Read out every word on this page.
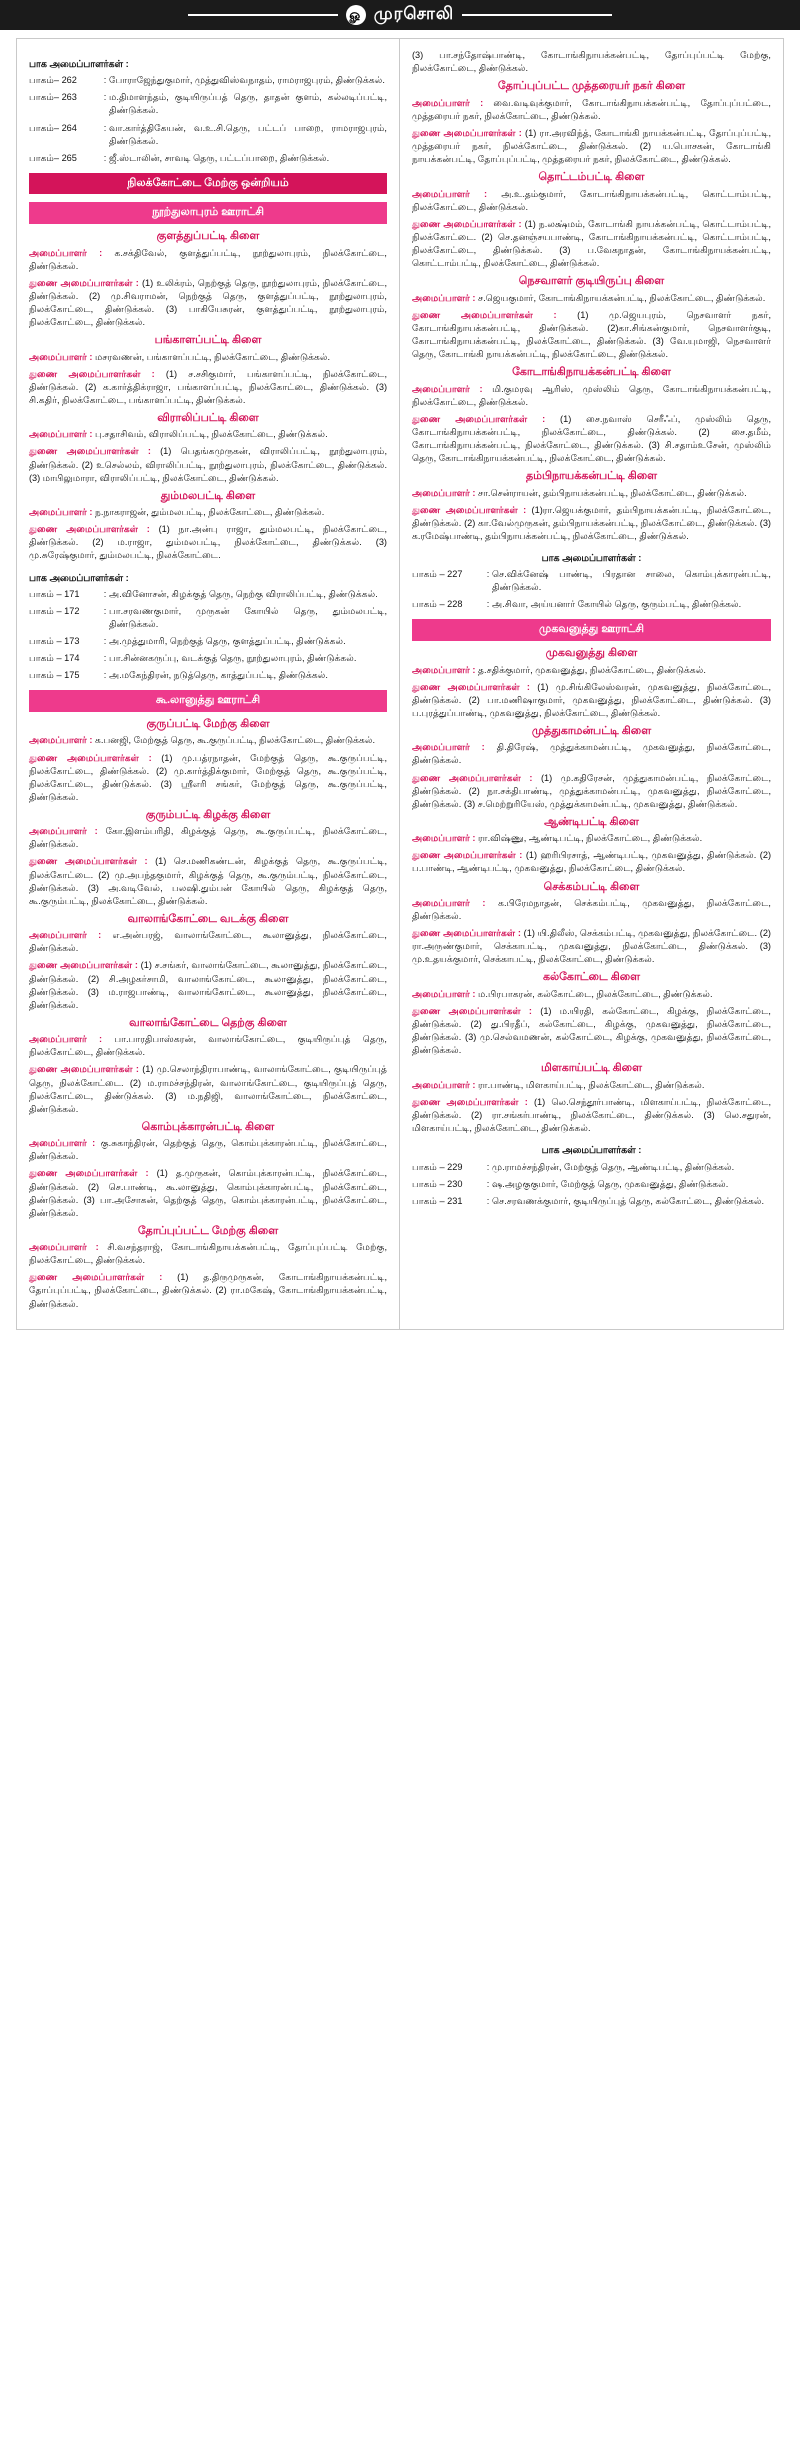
ௐ முரசொலி
பாக அமைப்பாளர்கள் :
பாகம்– 262	: போராஜேந்துகுமார், முத்துவிஸ்வநாதம், ராமராஜபுரம், திண்டுக்கல்.
பாகம்– 263	: ம.திமாளந்தம், குடியிருப்பத் தெரு, தாதன் குளம், கல்லடிப்பட்டி, திண்டுக்கல்.
பாகம்– 264	: வா.கார்த்திகேயன், வ.உ.சி.தெரு, பட்டப் பாறை, ராமராஜபுரம், திண்டுக்கல்.
பாகம்– 265	: ஜீ.ஸ்டாலின், சாவடி தெரு, பட்டப்பாறை, திண்டுக்கல்.
நிலக்கோட்டை மேற்கு ஒன்றியம்
நூற்துலாபுரம் ஊராட்சி
குளத்துப்பட்டி கிளை
அமைப்பாளர் : க.சக்திவேல், குளத்துப்பட்டி, நூற்துலாபுரம், நிலக்கோட்டை, திண்டுக்கல்.
துணை அமைப்பாளர்கள் : (1) உலிக்ரம், நெற்குத் தெரு, நூற்துலாபுரம், நிலக்கோட்டை, திண்டுக்கல். (2) மு.சிவராமன், நெற்குத் தெரு, குளத்துப்பட்டி, நூற்துலாபுரம், நிலக்கோட்டை, திண்டுக்கல். (3) பாகியேசுரன், குளத்துப்பட்டி, நூற்துலாபுரம், நிலக்கோட்டை, திண்டுக்கல்.
பங்காளப்பட்டி கிளை
அமைப்பாளர் : மசரவணன், பங்காளப்பட்டி, நிலக்கோட்டை, திண்டுக்கல்.
துணை அமைப்பாளர்கள் : (1) ச.சசிகுமார், பங்காளப்பட்டி, நிலக்கோட்டை, திண்டுக்கல். (2) க.கார்த்திக்ராஜா, பங்காளப்பட்டி, நிலக்கோட்டை, திண்டுக்கல். (3) சி.கதிர், நிலக்கோட்டை, பங்காளப்பட்டி, திண்டுக்கல்.
விராலிப்பட்டி கிளை
அமைப்பாளர் : பு.சதாசிவம், விராலிப்பட்டி, நிலக்கோட்டை, திண்டுக்கல்.
துணை அமைப்பாளர்கள் : (1) பெதங்கமுருகன், விராலிப்பட்டி, நூற்துலாபுரம், திண்டுக்கல். (2) உசெல்லம், விராலிப்பட்டி, நூற்துலாபுரம், நிலக்கோட்டை, திண்டுக்கல். (3) மாபிலுமாரா, விராலிப்பட்டி, நிலக்கோட்டை, திண்டுக்கல்.
தும்மலபட்டி கிளை
அமைப்பாளர் : ந.நாகராஜன், தும்மலபட்டி, நிலக்கோட்டை, திண்டுக்கல்.
துணை அமைப்பாளர்கள் : (1) நா.அன்பு ராஜா, தும்மலபட்டி, நிலக்கோட்டை, திண்டுக்கல். (2) ம.ராஜா, தும்மலபட்டி, நிலக்கோட்டை, திண்டுக்கல். (3) மு.சுரேஷ்குமார், தும்மலபட்டி, நிலக்கோட்டை.
பாக அமைப்பாளர்கள் :
பாகம் – 171	: அ.வினோசன், கிழக்குத் தெரு, நெற்கு விராலிப்பட்டி, திண்டுக்கல்.
பாகம் – 172	: பா.சரவணகுமார், முருகன் கோயில் தெரு, தும்மலபட்டி, திண்டுக்கல்.
பாகம் – 173	: அ.முத்துமாரி, நெற்குத் தெரு, குளத்துப்பட்டி, திண்டுக்கல்.
பாகம் – 174	: பா.சின்னகருப்பு, வடக்குத் தெரு, நூற்துலாபுரம், திண்டுக்கல்.
பாகம் – 175	: அ.மகேந்திரன், நடுத்தெரு, காத்துப்பட்டி, திண்டுக்கல்.
கூ.லானுத்து ஊராட்சி
குருப்பட்டி மேற்கு கிளை
அமைப்பாளர் : க.பனஜி, மேற்குத் தெரு, கூ.குருப்பட்டி, நிலக்கோட்டை, திண்டுக்கல்.
துணை அமைப்பாளர்கள் : (1) மு.பத்ரநாதன், மேற்குத் தெரு, கூ.குருப்பட்டி, நிலக்கோட்டை, திண்டுக்கல். (2) மு.கார்த்திக்குமார், மேற்குத் தெரு, கூ.குருப்பட்டி, நிலக்கோட்டை, திண்டுக்கல். (3) ஸ்ரீஎரி சங்கர், மேற்குத் தெரு, கூ.குருப்பட்டி, திண்டுக்கல்.
குரும்பட்டி கிழக்கு கிளை
அமைப்பாளர் : கோ.இளம்பரிதி, கிழக்குத் தெரு, கூ.குருப்பட்டி, நிலக்கோட்டை, திண்டுக்கல்.
துணை அமைப்பாளர்கள் : (1) செ.மணிகண்டன், கிழக்குத் தெரு, கூ.குருப்பட்டி, நிலக்கோட்டை. (2) மு.அபந்தகுமார், கிழக்குத் தெரு, கூ.குரும்பட்டி, நிலக்கோட்டை, திண்டுக்கல். (3) அ.வடிவேல், பலஷி.தும்பன் கோயில் தெரு, கிழக்குத் தெரு, கூ.குரும்பட்டி, நிலக்கோட்டை, திண்டுக்கல்.
வாலாங்கோட்டை வடக்கு கிளை
அமைப்பாளர் : எ.அன்பரஜ், வாலாங்கோட்டை, கூலானுத்து, நிலக்கோட்டை, திண்டுக்கல்.
துணை அமைப்பாளர்கள் : (1) ச.சங்கர், வாலாங்கோட்டை, கூலானுத்து, நிலக்கோட்டை, திண்டுக்கல். (2) சி.அழகர்சாமி, வாலாங்கோட்டை, கூலானுத்து, நிலக்கோட்டை, திண்டுக்கல். (3) ம.ராஜபாண்டி, வாலாங்கோட்டை, கூலானுத்து, நிலக்கோட்டை, திண்டுக்கல்.
வாலாங்கோட்டை தெற்கு கிளை
அமைப்பாளர் : பா.பாரதிபாஸ்கரன், வாலாங்கோட்டை, குடியிருப்புத் தெரு, நிலக்கோட்டை, திண்டுக்கல்.
துணை அமைப்பாளர்கள் : (1) மு.செலாந்திராபாண்டி, வாலாங்கோட்டை, குடியிருப்புத் தெரு, நிலக்கோட்டை. (2) ம.ராமச்சந்திரன், வாலாங்கோட்டை, குடியிருப்புத் தெரு, நிலக்கோட்டை, திண்டுக்கல். (3) ம.நதிஜி, வாலாங்கோட்டை, நிலக்கோட்டை, திண்டுக்கல்.
கொம்புக்காரன்பட்டி கிளை
அமைப்பாளர் : கு.சுகாந்திரன், தெற்குத் தெரு, கொம்புக்காரன்பட்டி, நிலக்கோட்டை, திண்டுக்கல்.
துணை அமைப்பாளர்கள் : (1) த.முருகன், கொம்புக்காரன்பட்டி, நிலக்கோட்டை, திண்டுக்கல். (2) செ.பாண்டி, கூ.லானுத்து, கொம்புக்காரன்பட்டி, நிலக்கோட்டை, திண்டுக்கல். (3) பா.அசோகன், தெற்குத் தெரு, கொம்புக்காரன்பட்டி, நிலக்கோட்டை, திண்டுக்கல்.
தோப்புப்பட்ட மேற்கு கிளை
அமைப்பாளர் : சி.வசந்தராஜ், கோடாங்கிநாயக்கன்பட்டி, தோப்புப்பட்டி மேற்கு, நிலக்கோட்டை, திண்டுக்கல்.
துணை அமைப்பாளர்கள் : (1) த.திருமுருகன், கோடாங்கிநாயக்கன்பட்டி, தோப்புப்பட்டி, நிலக்கோட்டை, திண்டுக்கல். (2) ரா.மகேஷ், கோடாங்கிநாயக்கன்பட்டி, திண்டுக்கல்.
(3) பா.சந்தோஷ்பாண்டி, கோடாங்கிநாயக்கன்பட்டி, தோப்புப்பட்டி மேற்கு, நிலக்கோட்டை, திண்டுக்கல்.
தோப்புப்பட்ட முத்தரையர் நகர் கிளை
அமைப்பாளர் : வை.வடிவுக்குமார், கோடாங்கிநாயக்கன்பட்டி, தோப்புப்பட்டை, முத்தரையர் நகர், நிலக்கோட்டை, திண்டுக்கல்.
துணை அமைப்பாளர்கள் : (1) ரா.அரவிந்த், கோடாங்கி நாயக்கன்பட்டி, தோப்புப்பட்டி, முத்தரையர் நகர், நிலக்கோட்டை, திண்டுக்கல். (2) ய.பொசகன், கோடாங்கி நாயக்கன்பட்டி, தோப்புப்பட்டி, முத்தரையர் நகர், நிலக்கோட்டை, திண்டுக்கல்.
தொட்டம்பட்டி கிளை
அமைப்பாளர் : அ.உ.தம்குமார், கோடாங்கிநாயக்கன்பட்டி, கொட்டாம்பட்டி, நிலக்கோட்டை, திண்டுக்கல்.
துணை அமைப்பாளர்கள் : (1) ந.லக்ஷ்மம், கோடாங்கி நாயக்கன்பட்டி, கொட்டாம்பட்டி, நிலக்கோட்டை. (2) செ.தனஞ்சயபாண்டி, கோடாங்கிநாயக்கன்பட்டி, கொட்டாம்பட்டி, நிலக்கோட்டை, திண்டுக்கல். (3) ப.வேகநாதன், கோடாங்கிநாயக்கன்பட்டி, கொட்டாம்பட்டி, நிலக்கோட்டை, திண்டுக்கல்.
நெசவாளர் குடியிருப்பு கிளை
அமைப்பாளர் : ச.ஜெயகுமார், கோடாங்கிநாயக்கன்பட்டி, நிலக்கோட்டை, திண்டுக்கல்.
துணை அமைப்பாளர்கள் : (1) மு.ஜெயபுரம், நெசவாளர் நகர், கோடாங்கிநாயக்கன்பட்டி, திண்டுக்கல். (2)கா.சிங்கன்குமார், நெசவாளர்குடி, கோடாங்கிநாயக்கன்பட்டி, நிலக்கோட்டை, திண்டுக்கல். (3) வே.யுமாஜி, நெசவாளர் தெரு, கோடாங்கி நாயக்கன்பட்டி, நிலக்கோட்டை, திண்டுக்கல்.
கோடாங்கிநாயக்கன்பட்டி கிளை
அமைப்பாளர் : மி.குமரவு ஆரிஸ், முஸ்லிம் தெரு, கோடாங்கிநாயக்கன்பட்டி, நிலக்கோட்டை, திண்டுக்கல்.
துணை அமைப்பாளர்கள் : (1) சை.நவாஸ் செரீஃப், முஸ்லிம் தெரு, கோடாங்கிநாயக்கன்பட்டி, நிலக்கோட்டை, திண்டுக்கல். (2) சை.தமீம், கோடாங்கிநாயக்கன்பட்டி, நிலக்கோட்டை, திண்டுக்கல். (3) சி.சதாம்உசேன், முஸ்லிம் தெரு, கோடாங்கிநாயக்கன்பட்டி, நிலக்கோட்டை, திண்டுக்கல்.
தம்பிநாயக்கன்பட்டி கிளை
அமைப்பாளர் : சா.சென்ராயன், தம்பிநாயக்கன்பட்டி, நிலக்கோட்டை, திண்டுக்கல்.
துணை அமைப்பாளர்கள் : (1)ரா.ஜெயக்குமார், தம்பிநாயக்கன்பட்டி, நிலக்கோட்டை, திண்டுக்கல். (2) கா.வேல்முருகன், தம்பிநாயக்கன்பட்டி, நிலக்கோட்டை, திண்டுக்கல். (3) க.ரமேஷ்பாண்டி, தம்பிநாயக்கன்பட்டி, நிலக்கோட்டை, திண்டுக்கல்.
பாக அமைப்பாளர்கள் :
பாகம் – 227	: செ.விக்னேஷ் பாண்டி, பிரதான சாலை, கொம்புக்காரன்பட்டி, திண்டுக்கல்.
பாகம் – 228	: அ.சிவா, அய்யனார் கோயில் தெரு, குரும்பட்டி, திண்டுக்கல்.
முகவனுத்து ஊராட்சி
முகவனுத்து கிளை
அமைப்பாளர் : த.சதிக்குமார், முகவனுத்து, நிலக்கோட்டை, திண்டுக்கல்.
துணை அமைப்பாளர்கள் : (1) மு.சிங்கிலேஸ்வரன், முகவனுத்து, நிலக்கோட்டை, திண்டுக்கல். (2) பா.மணிஷாகுமார், முகவனுத்து, நிலக்கோட்டை, திண்டுக்கல். (3) ப.புரத்துப்பாண்டி, முகவனுத்து, நிலக்கோட்டை, திண்டுக்கல்.
முத்துகாமன்பட்டி கிளை
அமைப்பாளர் : தி.திரேஷ், முத்துக்காமன்பட்டி, முகவனுத்து, நிலக்கோட்டை, திண்டுக்கல்.
துணை அமைப்பாளர்கள் : (1) மு.கதிரேசன், முத்துகாமன்பட்டி, நிலக்கோட்டை, திண்டுக்கல். (2) நா.சக்திபாண்டி, முத்துக்காமன்பட்டி, முகவனுத்து, நிலக்கோட்டை, திண்டுக்கல். (3) ச.மெற்றுரியேஸ், முத்துக்காமன்பட்டி, முகவனுத்து, திண்டுக்கல்.
ஆண்டிபட்டி கிளை
அமைப்பாளர் : ரா.விஷ்ணு, ஆண்டிபட்டி, நிலக்கோட்டை, திண்டுக்கல்.
துணை அமைப்பாளர்கள் : (1) ஹரிபிரசாத், ஆண்டிபட்டி, முகவனுத்து, திண்டுக்கல். (2) ப.பாண்டி, ஆண்டிபட்டி, முகவனுத்து, நிலக்கோட்டை, திண்டுக்கல்.
செக்கம்பட்டி கிளை
அமைப்பாளர் : க.பிரேமநாதன், செக்கம்பட்டி, முகவனுத்து, நிலக்கோட்டை, திண்டுக்கல்.
துணை அமைப்பாளர்கள் : (1) யி.திலீஸ், செக்கம்பட்டி, முகவனுத்து, நிலக்கோட்டை. (2) ரா.அருண்குமார், செக்காபட்டி, முகவனுத்து, நிலக்கோட்டை, திண்டுக்கல். (3) மு.உதயக்குமார், செக்காபட்டி, நிலக்கோட்டை, திண்டுக்கல்.
கல்கோட்டை கிளை
அமைப்பாளர் : ம.பிரபாகரன், கல்கோட்டை, நிலக்கோட்டை, திண்டுக்கல்.
துணை அமைப்பாளர்கள் : (1) ம.யிரதி, கல்கோட்டை, கிழக்கு, நிலக்கோட்டை, திண்டுக்கல். (2) து.பிரதீப், கல்கோட்டை, கிழக்கு, முகவனுத்து, நிலக்கோட்டை, திண்டுக்கல். (3) மு.செல்வமணன், கல்கோட்டை, கிழக்கு, முகவனுத்து, நிலக்கோட்டை, திண்டுக்கல்.
மிளகாய்பட்டி கிளை
அமைப்பாளர் : ரா.பாண்டி, மிளகாய்பட்டி, நிலக்கோட்டை, திண்டுக்கல்.
துணை அமைப்பாளர்கள் : (1) லெ.செந்தூர்பாண்டி, மிளகாய்பட்டி, நிலக்கோட்டை, திண்டுக்கல். (2) ரா.சங்கர்பாண்டி, நிலக்கோட்டை, திண்டுக்கல். (3) லெ.சதுரன், மிளகாய்பட்டி, நிலக்கோட்டை, திண்டுக்கல்.
பாக அமைப்பாளர்கள் :
பாகம் – 229	: மு.ராமச்சந்திரன், மேற்குத் தெரு, ஆண்டிபட்டி, திண்டுக்கல்.
பாகம் – 230	: ஷ.அழகுகுமார், மேற்குத் தெரு, முகவனுத்து, திண்டுக்கல்.
பாகம் – 231	: செ.சரவணக்குமார், குடியிருப்புத் தெரு, கல்கோட்டை, திண்டுக்கல்.
